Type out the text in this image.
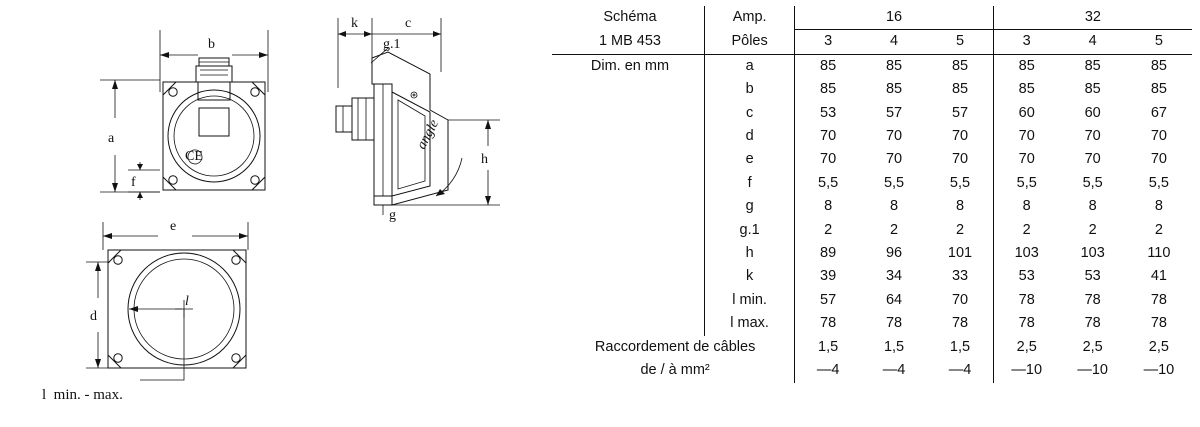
b
a
f
CE
k	c
g.1
h
g
angle
e
d
l
l  min. - max.
Schéma	Amp.	16			32		
1 MB 453	Pôles	3	4	5	3	4	5
Dim. en mm	a	85	85	85	85	85	85
	b	85	85	85	85	85	85
	c	53	57	57	60	60	67
	d	70	70	70	70	70	70
	e	70	70	70	70	70	70
	f	5,5	5,5	5,5	5,5	5,5	5,5
	g	8	8	8	8	8	8
	g.1	2	2	2	2	2	2
	h	89	96	101	103	103	110
	k	39	34	33	53	53	41
	l min.	57	64	70	78	78	78
	l max.	78	78	78	78	78	78
Raccordement de câbles		1,5	1,5	1,5	2,5	2,5	2,5
de / à mm²		—4	—4	—4	—10	—10	—10
